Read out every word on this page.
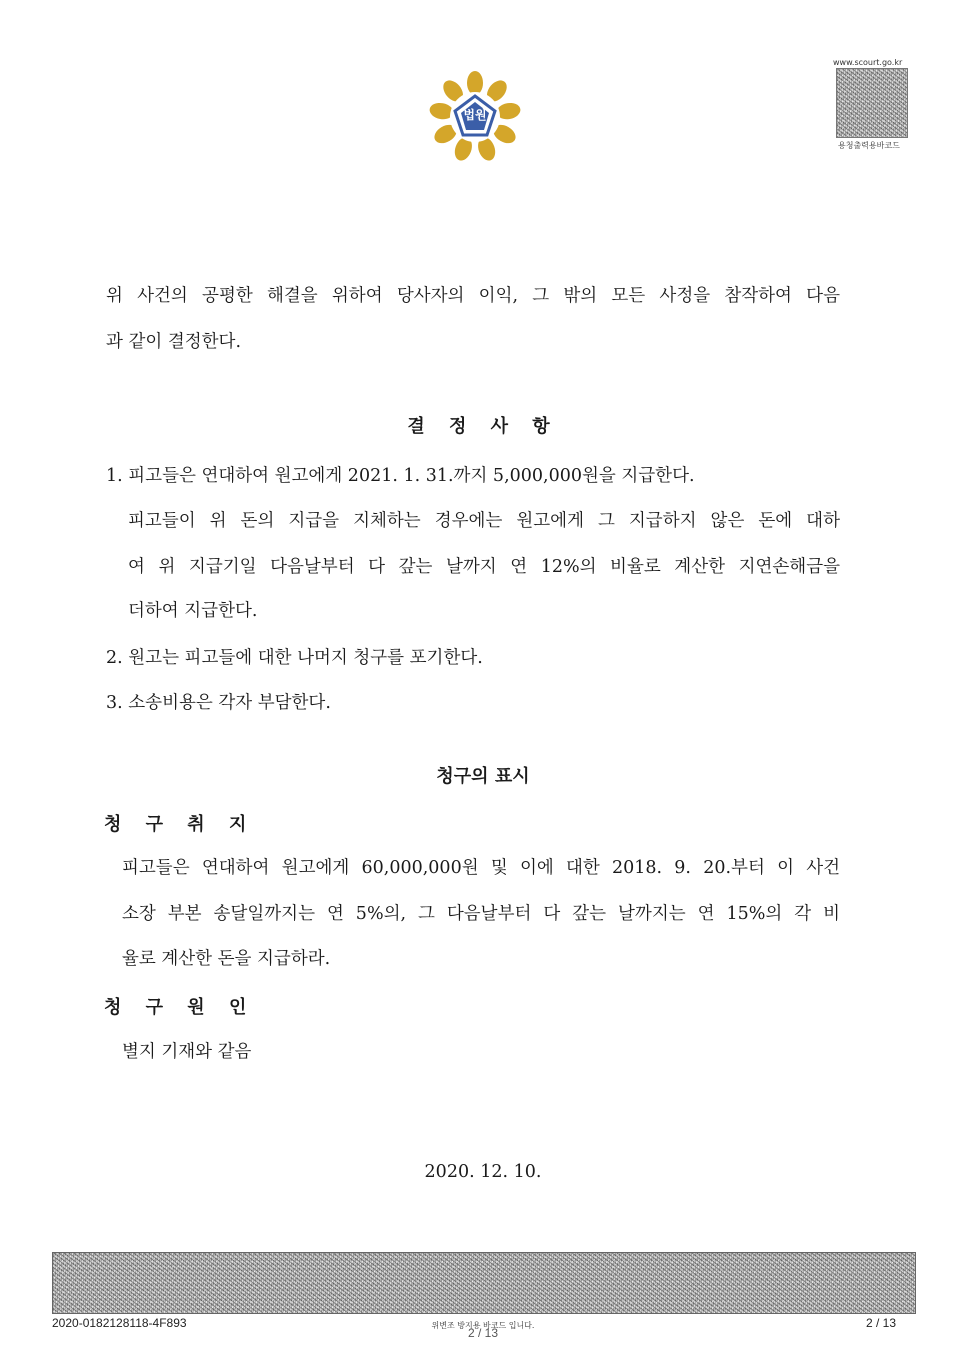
법원
www.scourt.go.kr
용청출력용바코드
위 사건의 공평한 해결을 위하여 당사자의 이익, 그 밖의 모든 사정을 참작하여 다음
과 같이 결정한다.
결 정 사 항
1. 피고들은 연대하여 원고에게 2021. 1. 31.까지 5,000,000원을 지급한다.
피고들이 위 돈의 지급을 지체하는 경우에는 원고에게 그 지급하지 않은 돈에 대하
여 위 지급기일 다음날부터 다 갚는 날까지 연 12%의 비율로 계산한 지연손해금을
더하여 지급한다.
2. 원고는 피고들에 대한 나머지 청구를 포기한다.
3. 소송비용은 각자 부담한다.
청구의 표시
청 구 취 지
피고들은 연대하여 원고에게 60,000,000원 및 이에 대한 2018. 9. 20.부터 이 사건
소장 부본 송달일까지는 연 5%의, 그 다음날부터 다 갚는 날까지는 연 15%의 각 비
율로 계산한 돈을 지급하라.
청 구 원 인
별지 기재와 같음
2020. 12. 10.
2020-0182128118-4F893	위변조 방지용 바코드 입니다.
2 / 13
2 / 13
